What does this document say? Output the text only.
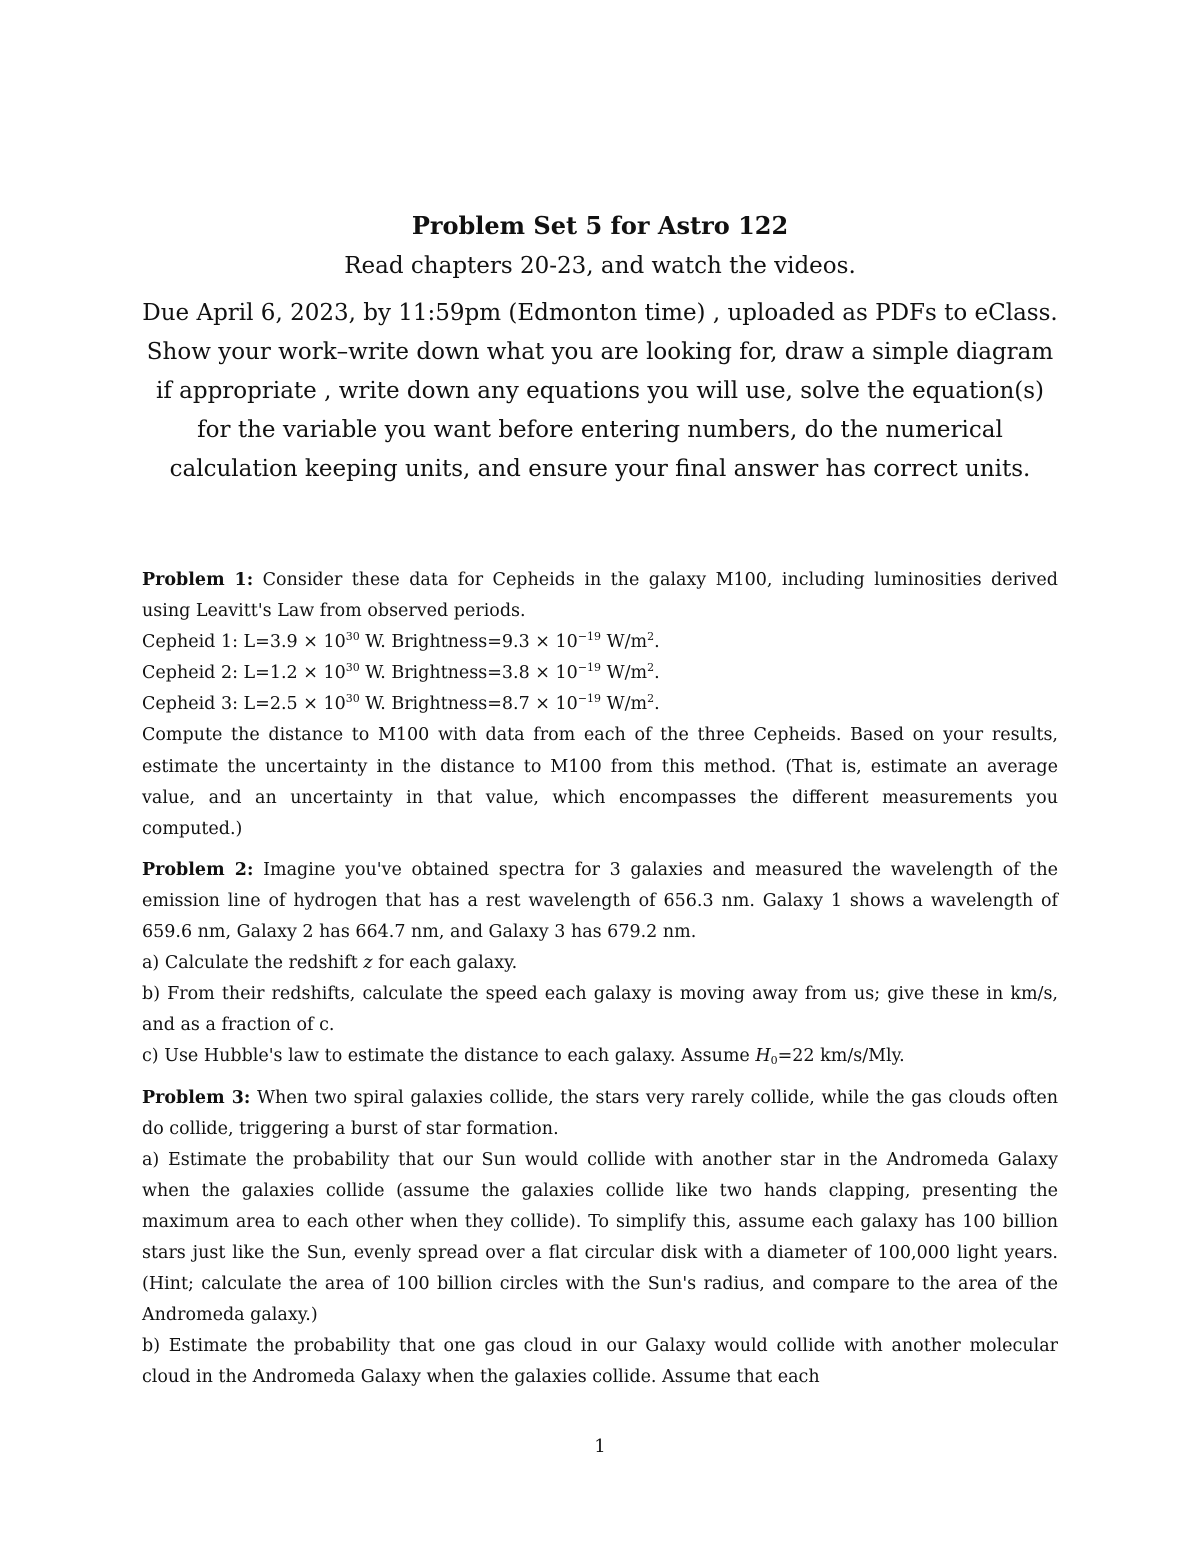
Problem Set 5 for Astro 122
Read chapters 20-23, and watch the videos.
Due April 6, 2023, by 11:59pm (Edmonton time) , uploaded as PDFs to eClass. Show your work–write down what you are looking for, draw a simple diagram if appropriate , write down any equations you will use, solve the equation(s) for the variable you want before entering numbers, do the numerical calculation keeping units, and ensure your final answer has correct units.
Problem 1: Consider these data for Cepheids in the galaxy M100, including luminosities derived using Leavitt's Law from observed periods.
Cepheid 1: $L=3.9 \times 10^{30}$ W. Brightness=9.3 × $10^{-19}$ $W/m^2$.
Cepheid 2: $L=1.2 \times 10^{30}$ W. Brightness=3.8 × $10^{-19}$ $W/m^2$.
Cepheid 3: $L=2.5 \times 10^{30}$ W. Brightness=8.7 × $10^{-19}$ $W/m^2$.
Compute the distance to M100 with data from each of the three Cepheids. Based on your results, estimate the uncertainty in the distance to M100 from this method. (That is, estimate an average value, and an uncertainty in that value, which encompasses the different measurements you computed.)
Problem 2: Imagine you've obtained spectra for 3 galaxies and measured the wavelength of the emission line of hydrogen that has a rest wavelength of 656.3 nm. Galaxy 1 shows a wavelength of 659.6 nm, Galaxy 2 has 664.7 nm, and Galaxy 3 has 679.2 nm.
a) Calculate the redshift z for each galaxy.
b) From their redshifts, calculate the speed each galaxy is moving away from us; give these in km/s, and as a fraction of c.
c) Use Hubble's law to estimate the distance to each galaxy. Assume $H_0=22$ km/s/Mly.
Problem 3: When two spiral galaxies collide, the stars very rarely collide, while the gas clouds often do collide, triggering a burst of star formation.
a) Estimate the probability that our Sun would collide with another star in the Andromeda Galaxy when the galaxies collide (assume the galaxies collide like two hands clapping, presenting the maximum area to each other when they collide). To simplify this, assume each galaxy has 100 billion stars just like the Sun, evenly spread over a flat circular disk with a diameter of 100,000 light years. (Hint; calculate the area of 100 billion circles with the Sun's radius, and compare to the area of the Andromeda galaxy.)
b) Estimate the probability that one gas cloud in our Galaxy would collide with another molecular cloud in the Andromeda Galaxy when the galaxies collide. Assume that each
1
